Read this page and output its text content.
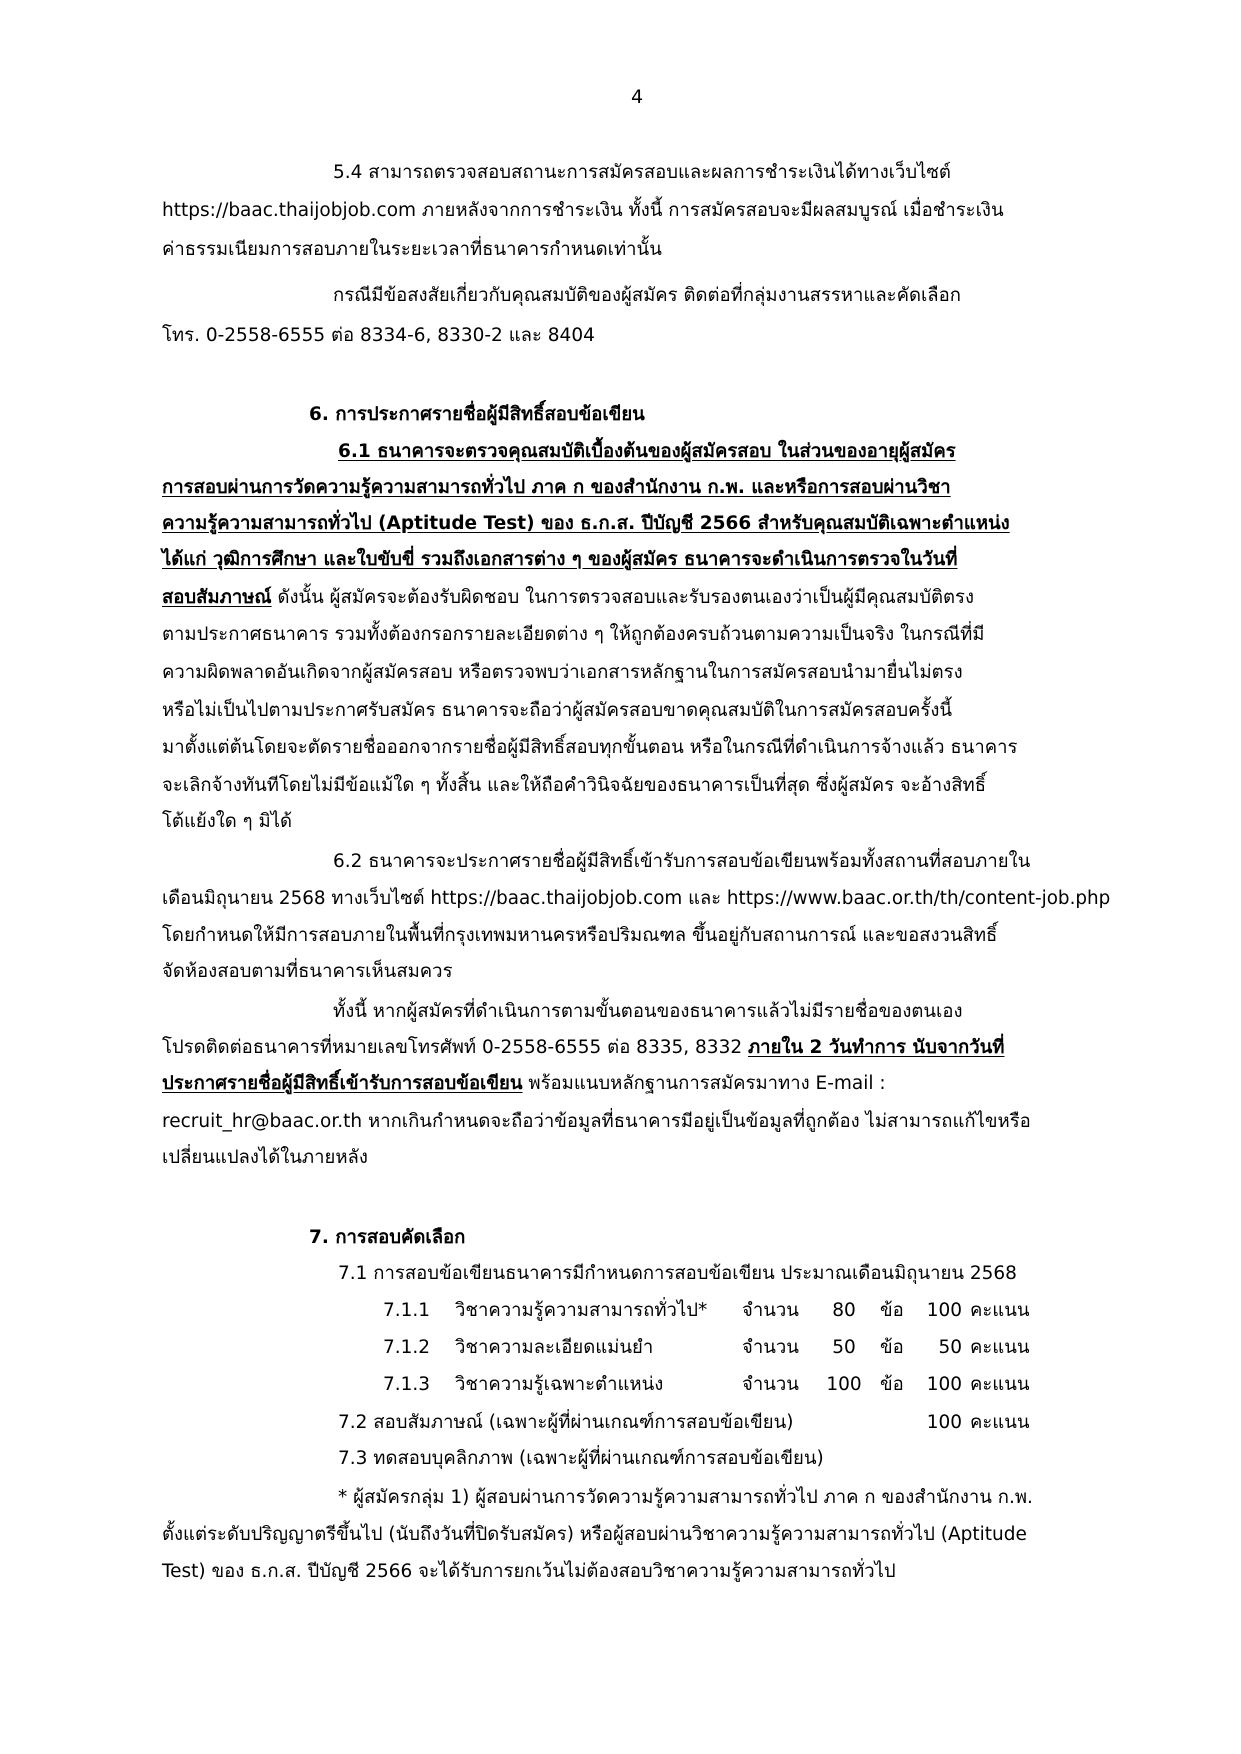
4
5.4 สามารถตรวจสอบสถานะการสมัครสอบและผลการชำระเงินได้ทางเว็บไซต์
https://baac.thaijobjob.com ภายหลังจากการชำระเงิน ทั้งนี้ การสมัครสอบจะมีผลสมบูรณ์ เมื่อชำระเงิน
ค่าธรรมเนียมการสอบภายในระยะเวลาที่ธนาคารกำหนดเท่านั้น
กรณีมีข้อสงสัยเกี่ยวกับคุณสมบัติของผู้สมัคร ติดต่อที่กลุ่มงานสรรหาและคัดเลือก
โทร. 0-2558-6555 ต่อ 8334-6, 8330-2 และ 8404
6. การประกาศรายชื่อผู้มีสิทธิ์สอบข้อเขียน
6.1 ธนาคารจะตรวจคุณสมบัติเบื้องต้นของผู้สมัครสอบ ในส่วนของอายุผู้สมัคร
การสอบผ่านการวัดความรู้ความสามารถทั่วไป ภาค ก ของสำนักงาน ก.พ. และหรือการสอบผ่านวิชา
ความรู้ความสามารถทั่วไป (Aptitude Test) ของ ธ.ก.ส. ปีบัญชี 2566 สำหรับคุณสมบัติเฉพาะตำแหน่ง
ได้แก่ วุฒิการศึกษา และใบขับขี่ รวมถึงเอกสารต่าง ๆ ของผู้สมัคร ธนาคารจะดำเนินการตรวจในวันที่
สอบสัมภาษณ์ ดังนั้น ผู้สมัครจะต้องรับผิดชอบ ในการตรวจสอบและรับรองตนเองว่าเป็นผู้มีคุณสมบัติตรง
ตามประกาศธนาคาร รวมทั้งต้องกรอกรายละเอียดต่าง ๆ ให้ถูกต้องครบถ้วนตามความเป็นจริง ในกรณีที่มี
ความผิดพลาดอันเกิดจากผู้สมัครสอบ หรือตรวจพบว่าเอกสารหลักฐานในการสมัครสอบนำมายื่นไม่ตรง
หรือไม่เป็นไปตามประกาศรับสมัคร ธนาคารจะถือว่าผู้สมัครสอบขาดคุณสมบัติในการสมัครสอบครั้งนี้
มาตั้งแต่ต้นโดยจะตัดรายชื่อออกจากรายชื่อผู้มีสิทธิ์สอบทุกขั้นตอน หรือในกรณีที่ดำเนินการจ้างแล้ว ธนาคาร
จะเลิกจ้างทันทีโดยไม่มีข้อแม้ใด ๆ ทั้งสิ้น และให้ถือคำวินิจฉัยของธนาคารเป็นที่สุด ซึ่งผู้สมัคร จะอ้างสิทธิ์
โต้แย้งใด ๆ มิได้
6.2 ธนาคารจะประกาศรายชื่อผู้มีสิทธิ์เข้ารับการสอบข้อเขียนพร้อมทั้งสถานที่สอบภายใน
เดือนมิถุนายน 2568 ทางเว็บไซต์ https://baac.thaijobjob.com และ https://www.baac.or.th/th/content-job.php
โดยกำหนดให้มีการสอบภายในพื้นที่กรุงเทพมหานครหรือปริมณฑล ขึ้นอยู่กับสถานการณ์ และขอสงวนสิทธิ์
จัดห้องสอบตามที่ธนาคารเห็นสมควร
ทั้งนี้ หากผู้สมัครที่ดำเนินการตามขั้นตอนของธนาคารแล้วไม่มีรายชื่อของตนเอง
โปรดติดต่อธนาคารที่หมายเลขโทรศัพท์ 0-2558-6555 ต่อ 8335, 8332 ภายใน 2 วันทำการ นับจากวันที่
ประกาศรายชื่อผู้มีสิทธิ์เข้ารับการสอบข้อเขียน พร้อมแนบหลักฐานการสมัครมาทาง E-mail :
recruit_hr@baac.or.th หากเกินกำหนดจะถือว่าข้อมูลที่ธนาคารมีอยู่เป็นข้อมูลที่ถูกต้อง ไม่สามารถแก้ไขหรือ
เปลี่ยนแปลงได้ในภายหลัง
7. การสอบคัดเลือก
7.1 การสอบข้อเขียนธนาคารมีกำหนดการสอบข้อเขียน ประมาณเดือนมิถุนายน 2568
7.1.1 วิชาความรู้ความสามารถทั่วไป* จำนวน	80	ข้อ	100 คะแนน
7.1.2 วิชาความละเอียดแม่นยำ	จำนวน	50	ข้อ	50 คะแนน
7.1.3 วิชาความรู้เฉพาะตำแหน่ง	จำนวน 100 ข้อ	100 คะแนน
7.2 สอบสัมภาษณ์ (เฉพาะผู้ที่ผ่านเกณฑ์การสอบข้อเขียน)	100 คะแนน
7.3 ทดสอบบุคลิกภาพ (เฉพาะผู้ที่ผ่านเกณฑ์การสอบข้อเขียน)
* ผู้สมัครกลุ่ม 1) ผู้สอบผ่านการวัดความรู้ความสามารถทั่วไป ภาค ก ของสำนักงาน ก.พ.
ตั้งแต่ระดับปริญญาตรีขึ้นไป (นับถึงวันที่ปิดรับสมัคร) หรือผู้สอบผ่านวิชาความรู้ความสามารถทั่วไป (Aptitude
Test) ของ ธ.ก.ส. ปีบัญชี 2566 จะได้รับการยกเว้นไม่ต้องสอบวิชาความรู้ความสามารถทั่วไป
